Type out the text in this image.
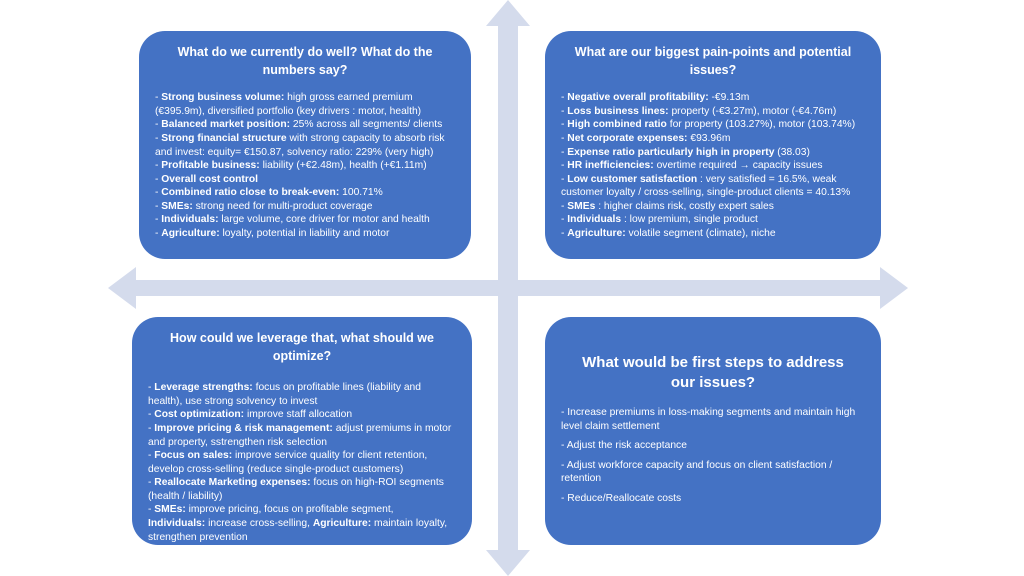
What do we currently do well? What do the numbers say?
- Strong business volume: high gross earned premium (€395.9m), diversified portfolio (key drivers : motor, health)
- Balanced market position: 25% across all segments/ clients
- Strong financial structure with strong capacity to absorb risk and invest: equity= €150.87, solvency ratio: 229% (very high)
- Profitable business: liability (+€2.48m), health (+€1.11m)
- Overall cost control
- Combined ratio close to break-even: 100.71%
- SMEs: strong need for multi-product coverage
- Individuals: large volume, core driver for motor and health
- Agriculture: loyalty, potential in liability and motor
What are our biggest pain-points and potential issues?
- Negative overall profitability: -€9.13m
- Loss business lines: property (-€3.27m), motor (-€4.76m)
- High combined ratio for property (103.27%), motor (103.74%)
- Net corporate expenses: €93.96m
- Expense ratio particularly high in property (38.03)
- HR inefficiencies: overtime required → capacity issues
- Low customer satisfaction : very satisfied = 16.5%, weak customer loyalty / cross-selling, single-product clients = 40.13%
- SMEs : higher claims risk, costly expert sales
- Individuals : low premium, single product
- Agriculture: volatile segment (climate), niche
How could we leverage that, what should we optimize?
- Leverage strengths: focus on profitable lines (liability and health), use strong solvency to invest
- Cost optimization: improve staff allocation
- Improve pricing & risk management: adjust premiums in motor and property, sstrengthen risk selection
- Focus on sales: improve service quality for client retention, develop cross-selling (reduce single-product customers)
- Reallocate Marketing expenses: focus on high-ROI segments (health / liability)
- SMEs: improve pricing, focus on profitable segment,
Individuals: increase cross-selling, Agriculture: maintain loyalty, strengthen prevention
What would be first steps to address our issues?
- Increase premiums in loss-making segments and maintain high level claim settlement
- Adjust the risk acceptance
- Adjust workforce capacity and focus on client satisfaction / retention
- Reduce/Reallocate costs
